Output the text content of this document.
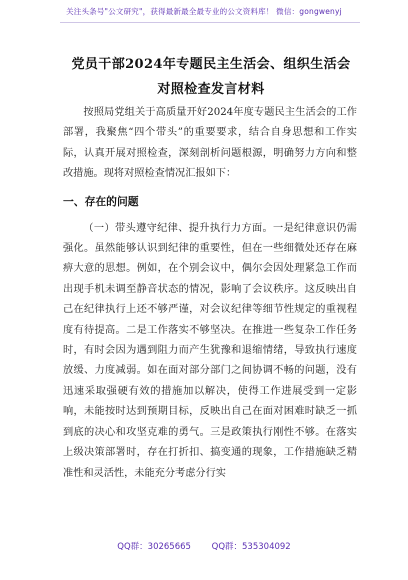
关注头条号"公文研究"，获得最新最全最专业的公文资料库！ 微信：gongwenyj
党员干部2024年专题民主生活会、组织生活会对照检查发言材料

按照局党组关于高质量开好2024年度专题民主生活会的工作部署，我聚焦“四个带头”的重要要求，结合自身思想和工作实际，认真开展对照检查，深刻剖析问题根源，明确努力方向和整改措施。现将对照检查情况汇报如下：

一、存在的问题

（一）带头遵守纪律、提升执行力方面。一是纪律意识仍需强化。虽然能够认识到纪律的重要性，但在一些细微处还存在麻痹大意的思想。例如，在个别会议中，偶尔会因处理紧急工作而出现手机未调至静音状态的情况，影响了会议秩序。这反映出自己在纪律执行上还不够严谨，对会议纪律等细节性规定的重视程度有待提高。二是工作落实不够坚决。在推进一些复杂工作任务时，有时会因为遇到阻力而产生犹豫和退缩情绪，导致执行速度放缓、力度减弱。如在面对部分部门之间协调不畅的问题，没有迅速采取强硬有效的措施加以解决，使得工作进展受到一定影响，未能按时达到预期目标，反映出自己在面对困难时缺乏一抓到底的决心和攻坚克难的勇气。三是政策执行刚性不够。在落实上级决策部署时，存在打折扣、搞变通的现象，工作措施缺乏精准性和灵活性，未能充分考虑分行实

QQ群：30265665 QQ群：535304092
